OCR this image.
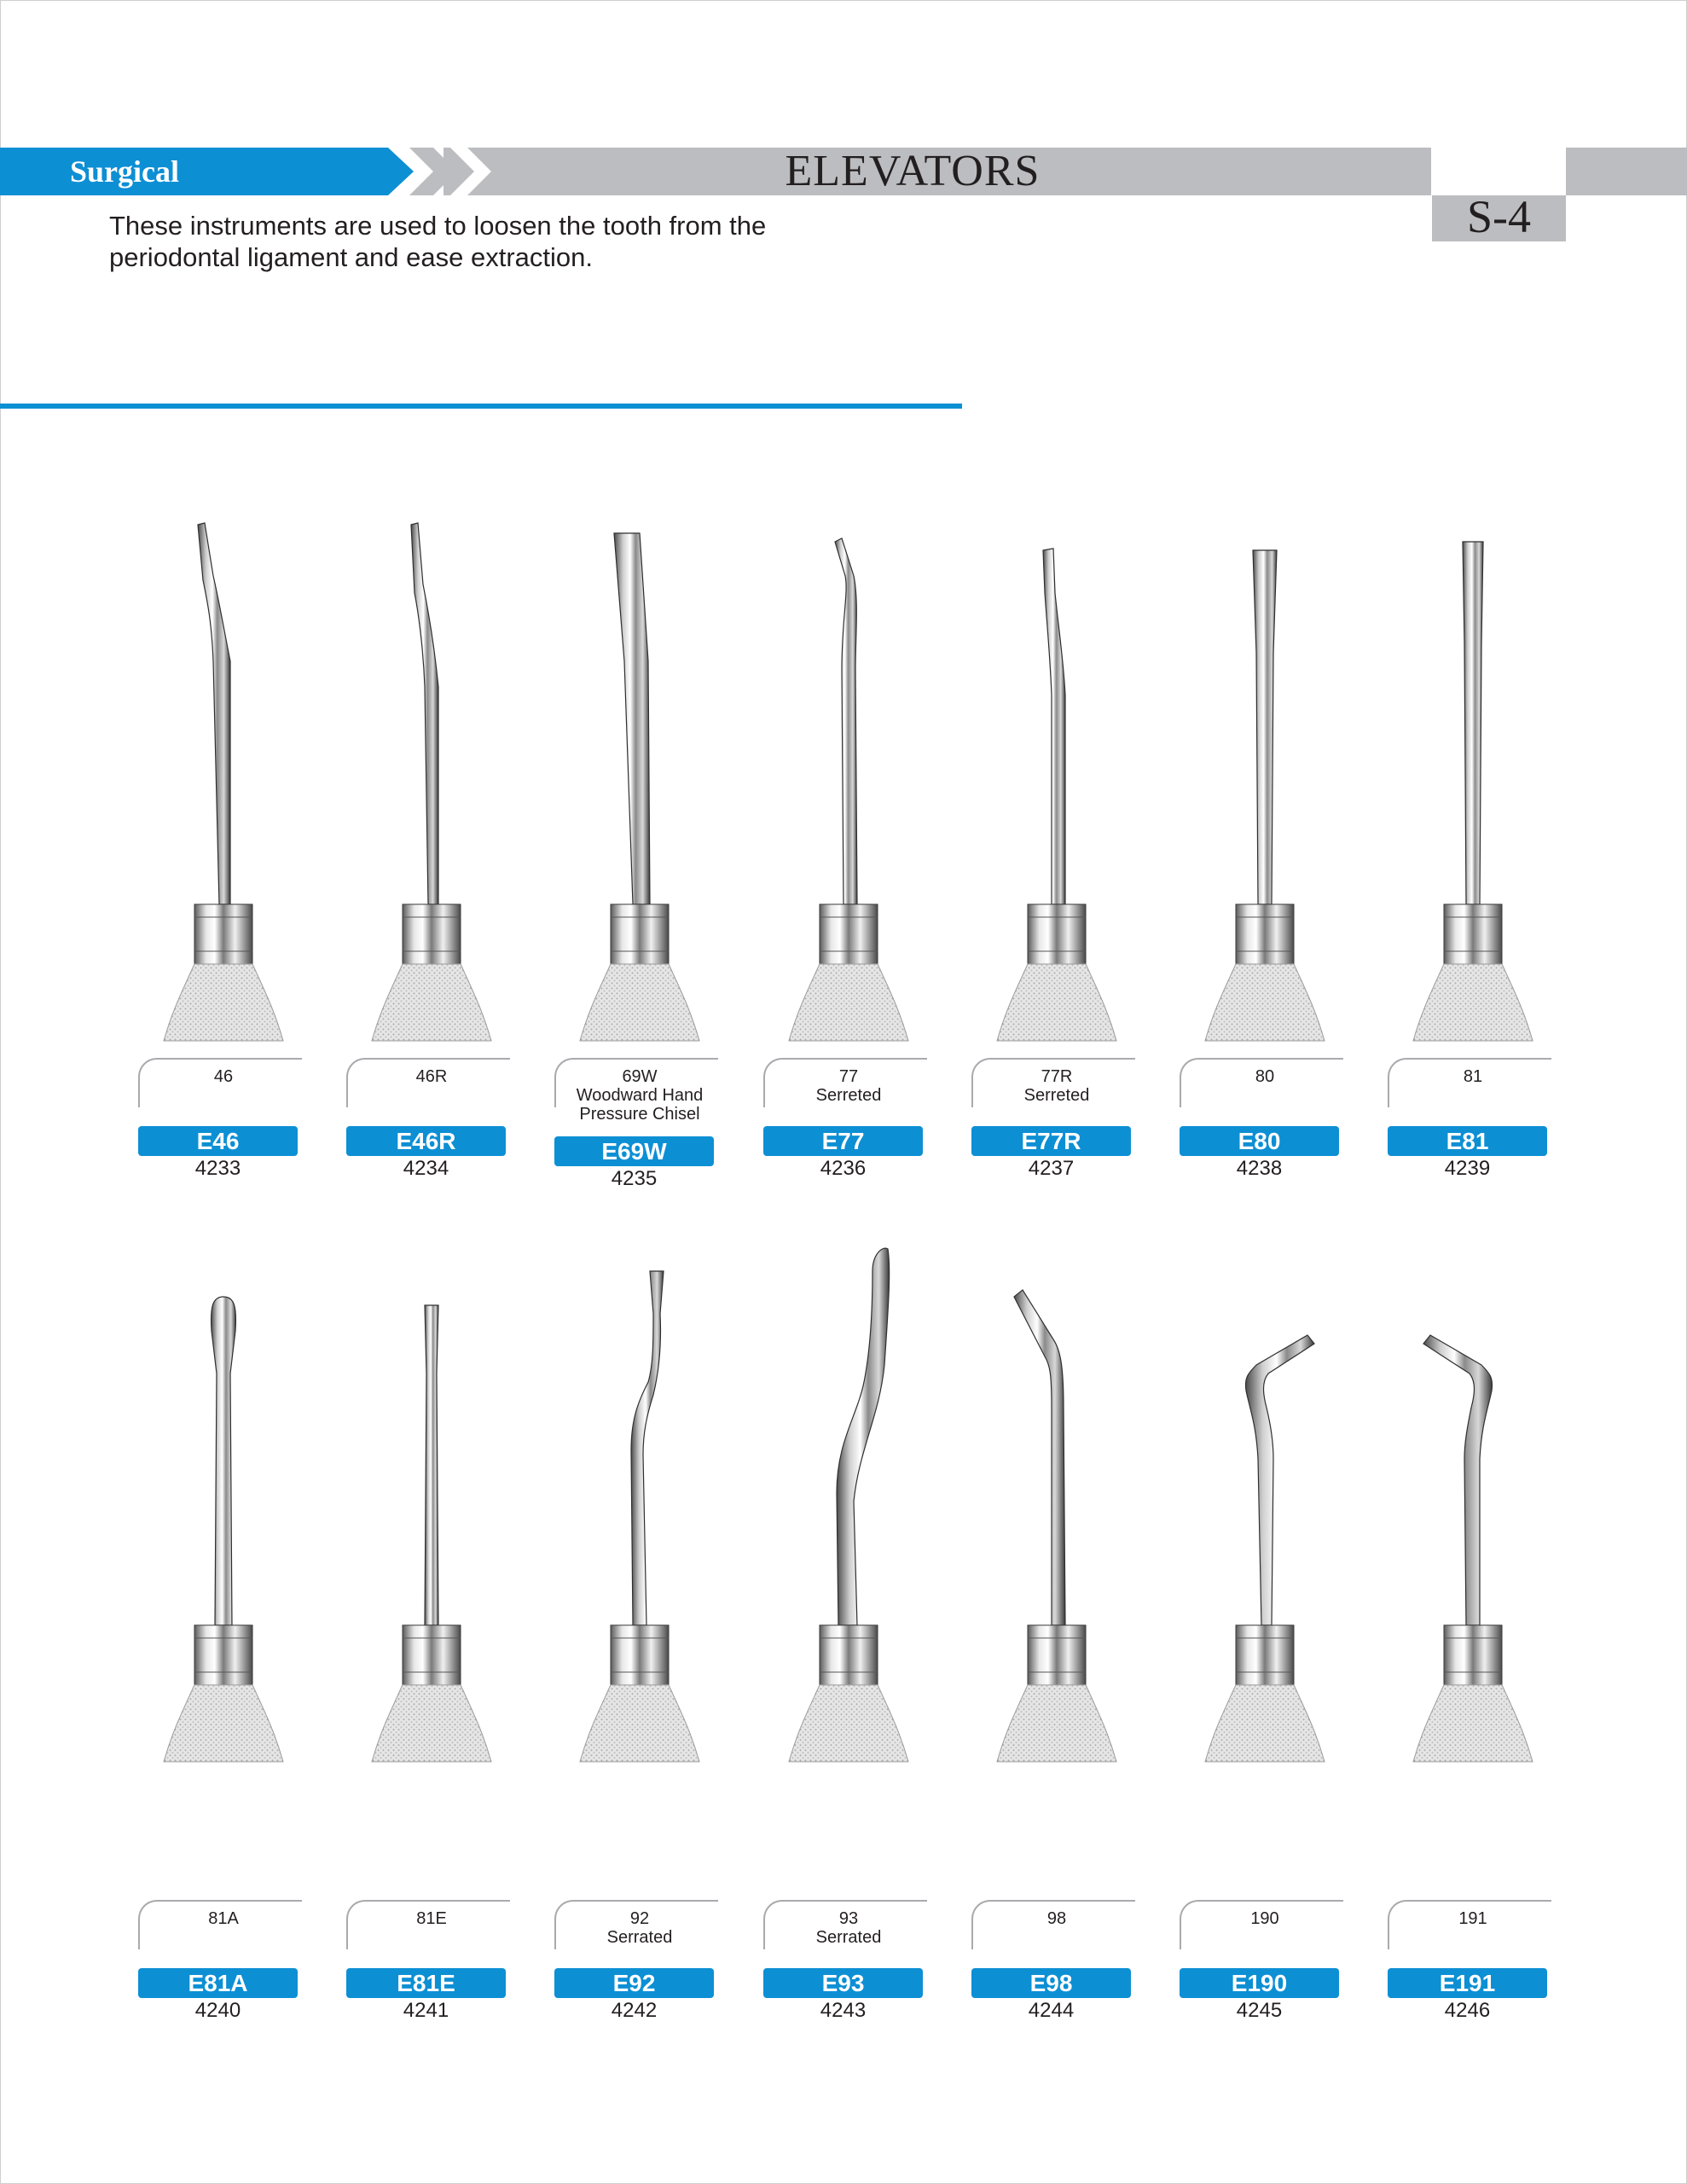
S-4
Surgical	ELEVATORS
These instruments are used to loosen the tooth from the periodontal ligament and ease extraction.
46
E46
4233
46R
E46R
4234
69W
Woodward Hand
Pressure Chisel
E69W
4235
77
Serreted
E77
4236
77R
Serreted
E77R
4237
80
E80
4238
81
E81
4239
81A
E81A
4240
81E
E81E
4241
92
Serrated
E92
4242
93
Serrated
E93
4243
98
E98
4244
190
E190
4245
191
E191
4246
